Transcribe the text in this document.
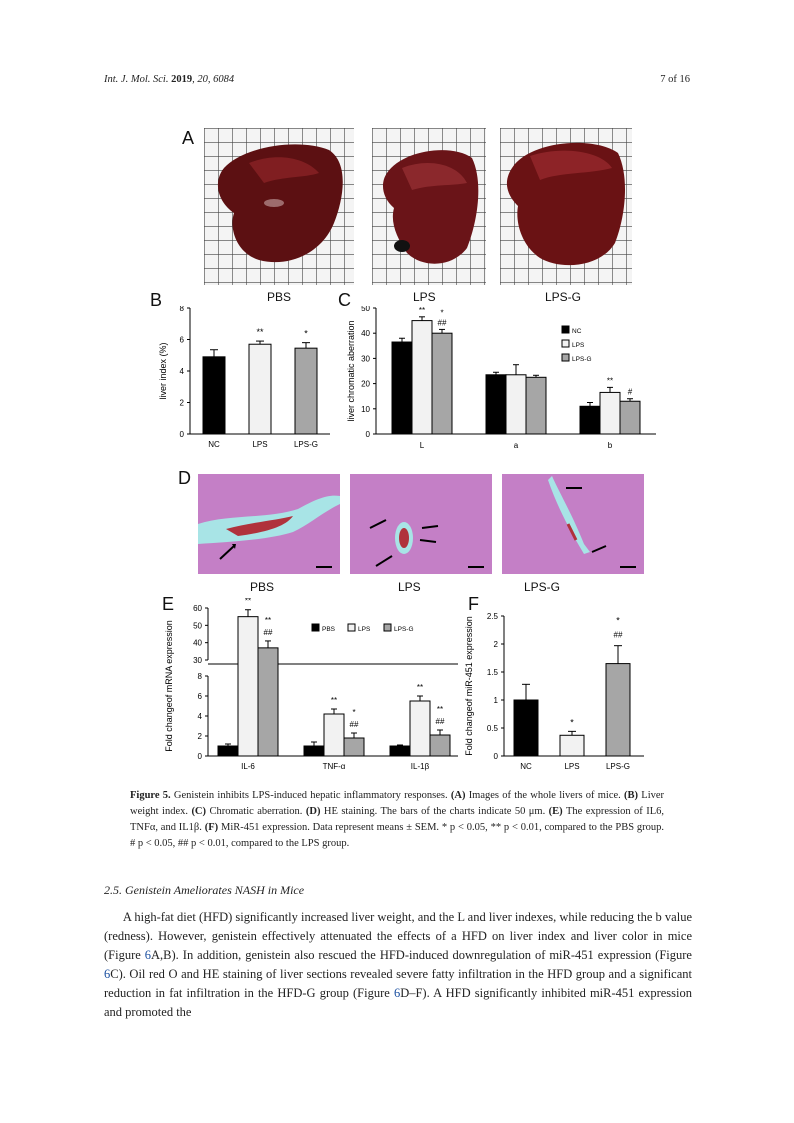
Int. J. Mol. Sci. 2019, 20, 6084	7 of 16
A
PBS	LPS	LPS-G
B
0
2
4
6
8
liver index (%)
NC	LPS
**
LPS-G
*
C
0
10
20
30
40
50
liver chromatic aberration
** *
##
L	a
**
#
b
NC
LPS
LPS-G
D
PBS	LPS	LPS-G
E
0
2
4
6
8
30
40
50
60
Fold changeof mRNA expression
**
**
##
IL-6
**
*
##
TNF-α
**
**
##
IL-1β
PBS	LPS	LPS-G
F
0
0.5
1
1.5
2
2.5
Fold changeof miR-451 expression
NC	LPS
*
LPS-G
##
*
Figure 5. Genistein inhibits LPS-induced hepatic inflammatory responses. (A) Images of the whole livers of mice. (B) Liver weight index. (C) Chromatic aberration. (D) HE staining. The bars of the charts indicate 50 μm. (E) The expression of IL6, TNFα, and IL1β. (F) MiR-451 expression. Data represent means ± SEM. * p < 0.05, ** p < 0.01, compared to the PBS group. # p < 0.05, ## p < 0.01, compared to the LPS group.
2.5. Genistein Ameliorates NASH in Mice
A high-fat diet (HFD) significantly increased liver weight, and the L and liver indexes, while reducing the b value (redness). However, genistein effectively attenuated the effects of a HFD on liver index and liver color in mice (Figure 6A,B). In addition, genistein also rescued the HFD-induced downregulation of miR-451 expression (Figure 6C). Oil red O and HE staining of liver sections revealed severe fatty infiltration in the HFD group and a significant reduction in fat infiltration in the HFD-G group (Figure 6D–F). A HFD significantly inhibited miR-451 expression and promoted the
